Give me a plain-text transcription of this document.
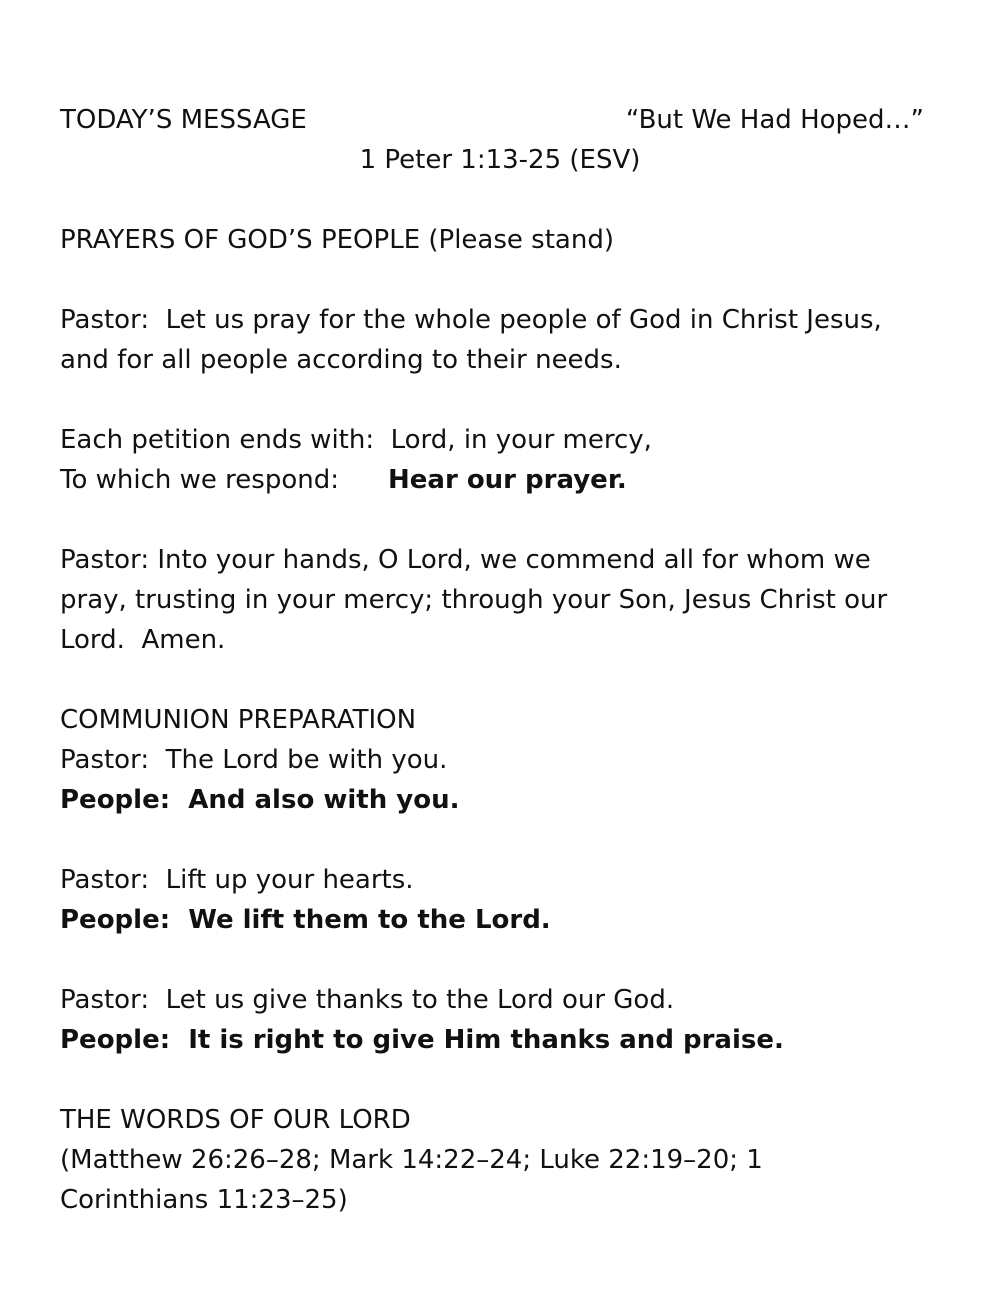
TODAY’S MESSAGE	“But We Had Hoped…”
1 Peter 1:13-25 (ESV)
PRAYERS OF GOD’S PEOPLE (Please stand)
Pastor:  Let us pray for the whole people of God in Christ Jesus,
and for all people according to their needs.
Each petition ends with:  Lord, in your mercy,
To which we respond: Hear our prayer.
Pastor: Into your hands, O Lord, we commend all for whom we
pray, trusting in your mercy; through your Son, Jesus Christ our
Lord.  Amen.
COMMUNION PREPARATION
Pastor:  The Lord be with you.
People:  And also with you.
Pastor:  Lift up your hearts.
People:  We lift them to the Lord.
Pastor:  Let us give thanks to the Lord our God.
People:  It is right to give Him thanks and praise.
THE WORDS OF OUR LORD
(Matthew 26:26–28; Mark 14:22–24; Luke 22:19–20; 1
Corinthians 11:23–25)
